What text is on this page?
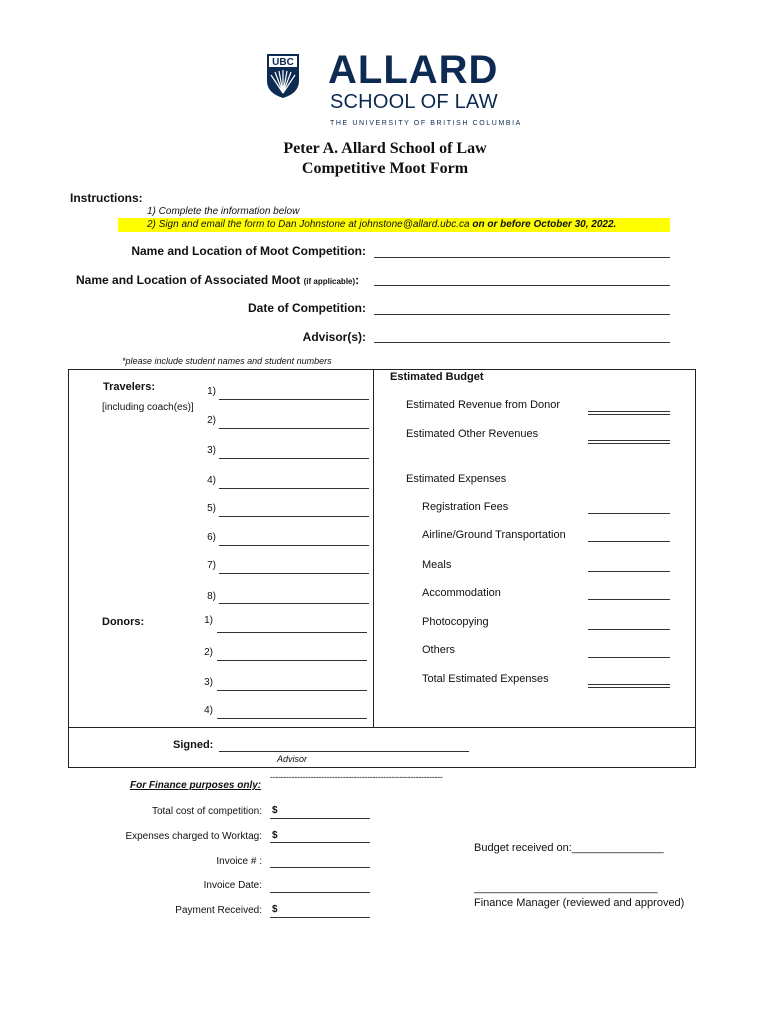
UBC ALLARD
SCHOOL OF LAW
THE UNIVERSITY OF BRITISH COLUMBIA
Peter A. Allard School of Law
Competitive Moot Form
Instructions:
1) Complete the information below
2) Sign and email the form to Dan Johnstone at johnstone@allard.ubc.ca on or before October 30, 2022.
Name and Location of Moot Competition:
Name and Location of Associated Moot (if applicable):
Date of Competition:
Advisor(s):
*please include student names and student numbers
Travelers:
[including coach(es)]
1)
2)
3)
4)
5)
6)
7)
8)
Donors:	1)
2)
3)
4)
Estimated Budget
Estimated Revenue from Donor
Estimated Other Revenues
Estimated Expenses
Registration Fees
Airline/Ground Transportation
Meals
Accommodation
Photocopying
Others
Total Estimated Expenses
Signed:
Advisor
For Finance purposes only:
----------------------------------------------------------------
Total cost of competition: $
Expenses charged to Worktag: $
Invoice # :
Invoice Date:
Payment Received: $
Budget received on:_______________
______________________________
Finance Manager (reviewed and approved)
